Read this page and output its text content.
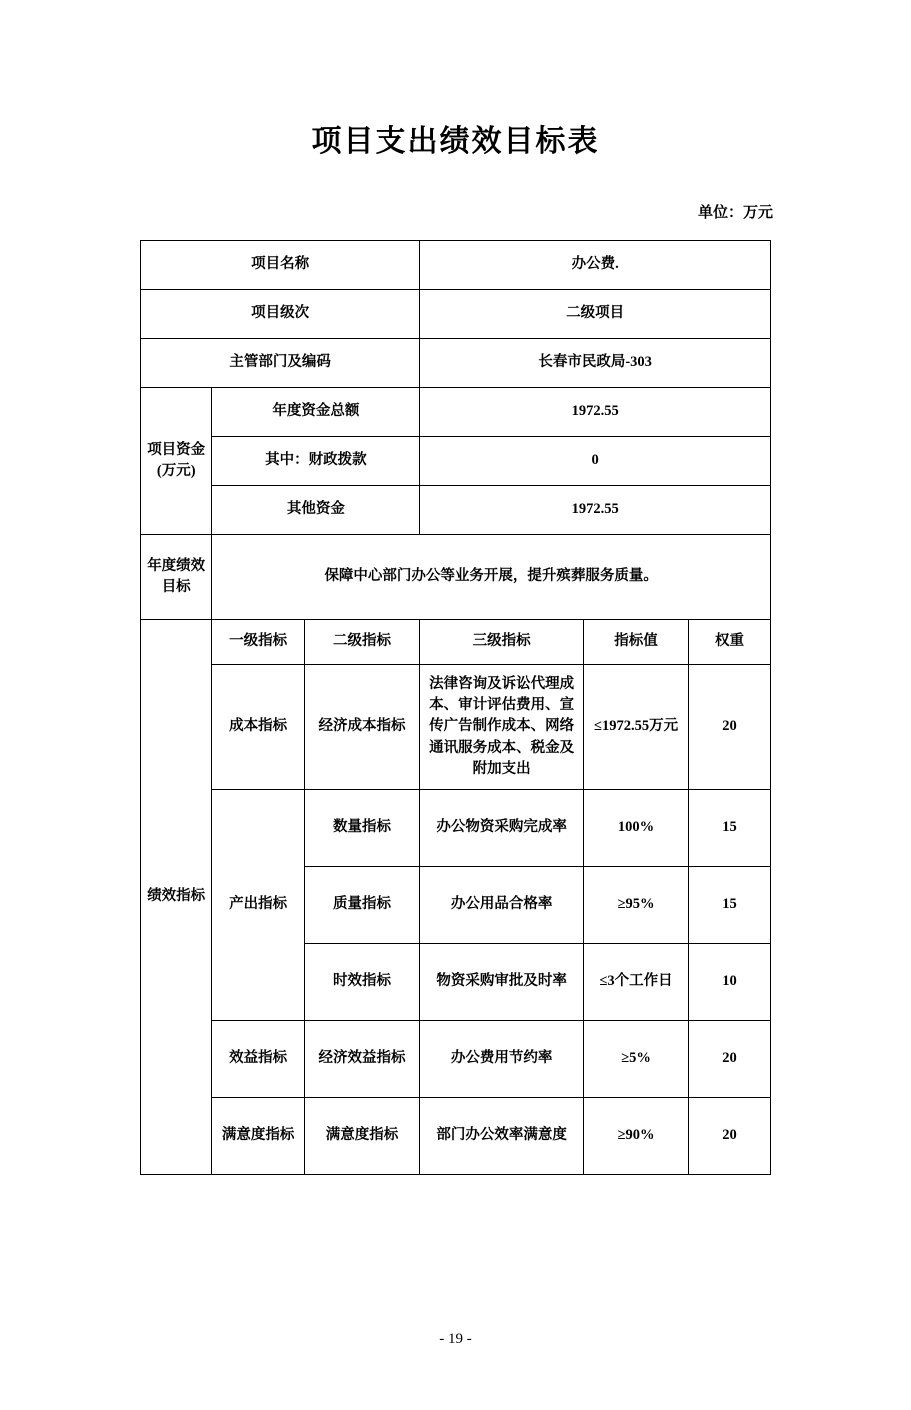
项目支出绩效目标表
单位：万元
项目名称			办公费.		
项目级次			二级项目		
主管部门及编码			长春市民政局-303		
项目资金(万元)	年度资金总额		1972.55		
	其中：财政拨款		0		
	其他资金		1972.55		
年度绩效目标	保障中心部门办公等业务开展，提升殡葬服务质量。				
绩效指标	一级指标	二级指标	三级指标	指标值	权重
	成本指标	经济成本指标	法律咨询及诉讼代理成本、审计评估费用、宣传广告制作成本、网络通讯服务成本、税金及附加支出	≤1972.55万元	20
	产出指标	数量指标	办公物资采购完成率	100%	15
		质量指标	办公用品合格率	≥95%	15
		时效指标	物资采购审批及时率	≤3个工作日	10
	效益指标	经济效益指标	办公费用节约率	≥5%	20
	满意度指标	满意度指标	部门办公效率满意度	≥90%	20
- 19 -
